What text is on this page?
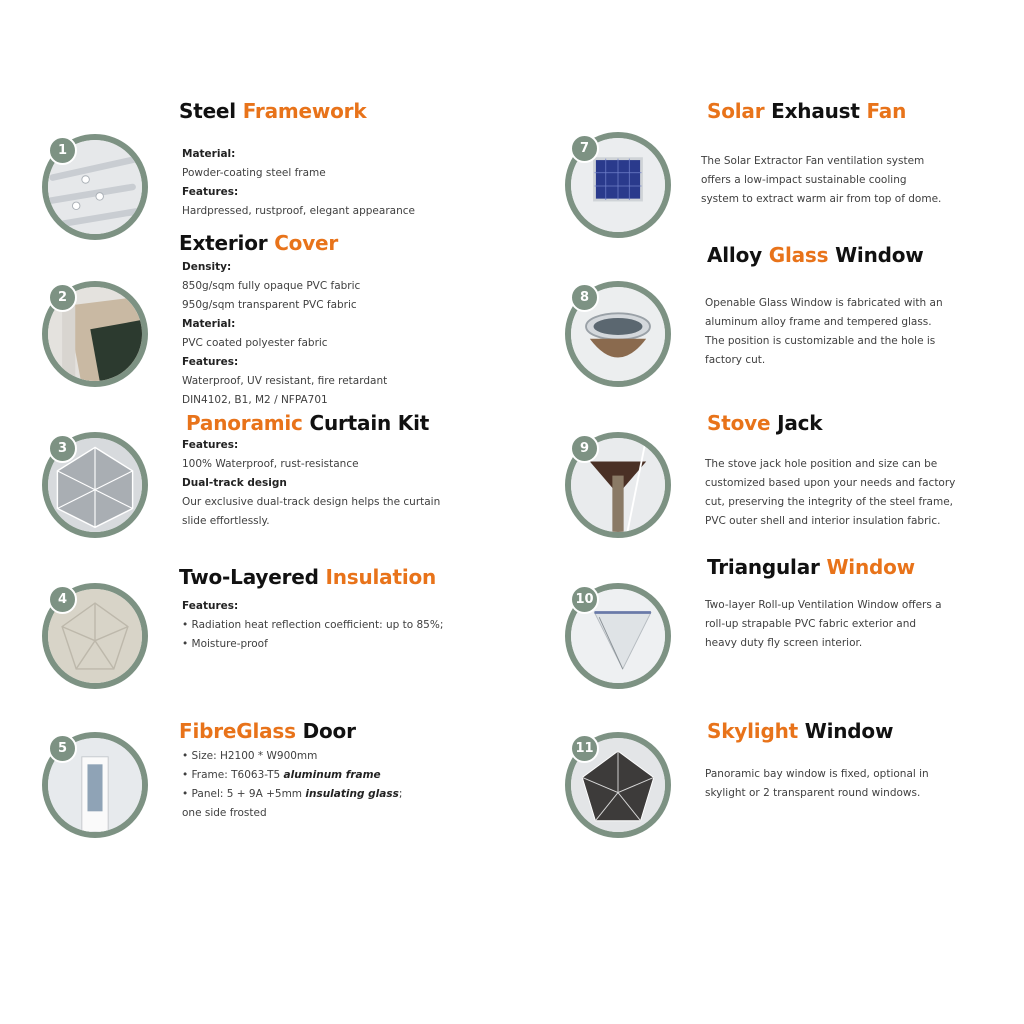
1
Steel Framework
Material:
Powder-coating steel frame
Features:
Hardpressed, rustproof, elegant appearance
2
Exterior Cover
Density:
850g/sqm fully opaque PVC fabric
950g/sqm transparent PVC fabric
Material:
PVC coated polyester fabric
Features:
Waterproof, UV resistant, fire retardant
DIN4102, B1, M2 / NFPA701
3
Panoramic Curtain Kit
Features:
100% Waterproof, rust-resistance
Dual-track design
Our exclusive dual-track design helps the curtain
slide effortlessly.
4
Two-Layered Insulation
Features:
• Radiation heat reflection coefficient: up to 85%;
• Moisture-proof
5
FibreGlass Door
• Size: H2100 * W900mm
• Frame: T6063-T5 aluminum frame
• Panel: 5 + 9A +5mm insulating glass;
one side frosted
7
Solar Exhaust Fan
The Solar Extractor Fan ventilation system
offers a low-impact sustainable cooling
system to extract warm air from top of dome.
8
Alloy Glass Window
Openable Glass Window is fabricated with an
aluminum alloy frame and tempered glass.
The position is customizable and the hole is
factory cut.
9
Stove Jack
The stove jack hole position and size can be
customized based upon your needs and factory
cut, preserving the integrity of the steel frame,
PVC outer shell and interior insulation fabric.
10
Triangular Window
Two-layer Roll-up Ventilation Window offers a
roll-up strapable PVC fabric exterior and
heavy duty fly screen interior.
11
Skylight Window
Panoramic bay window is fixed, optional in
skylight or 2 transparent round windows.
